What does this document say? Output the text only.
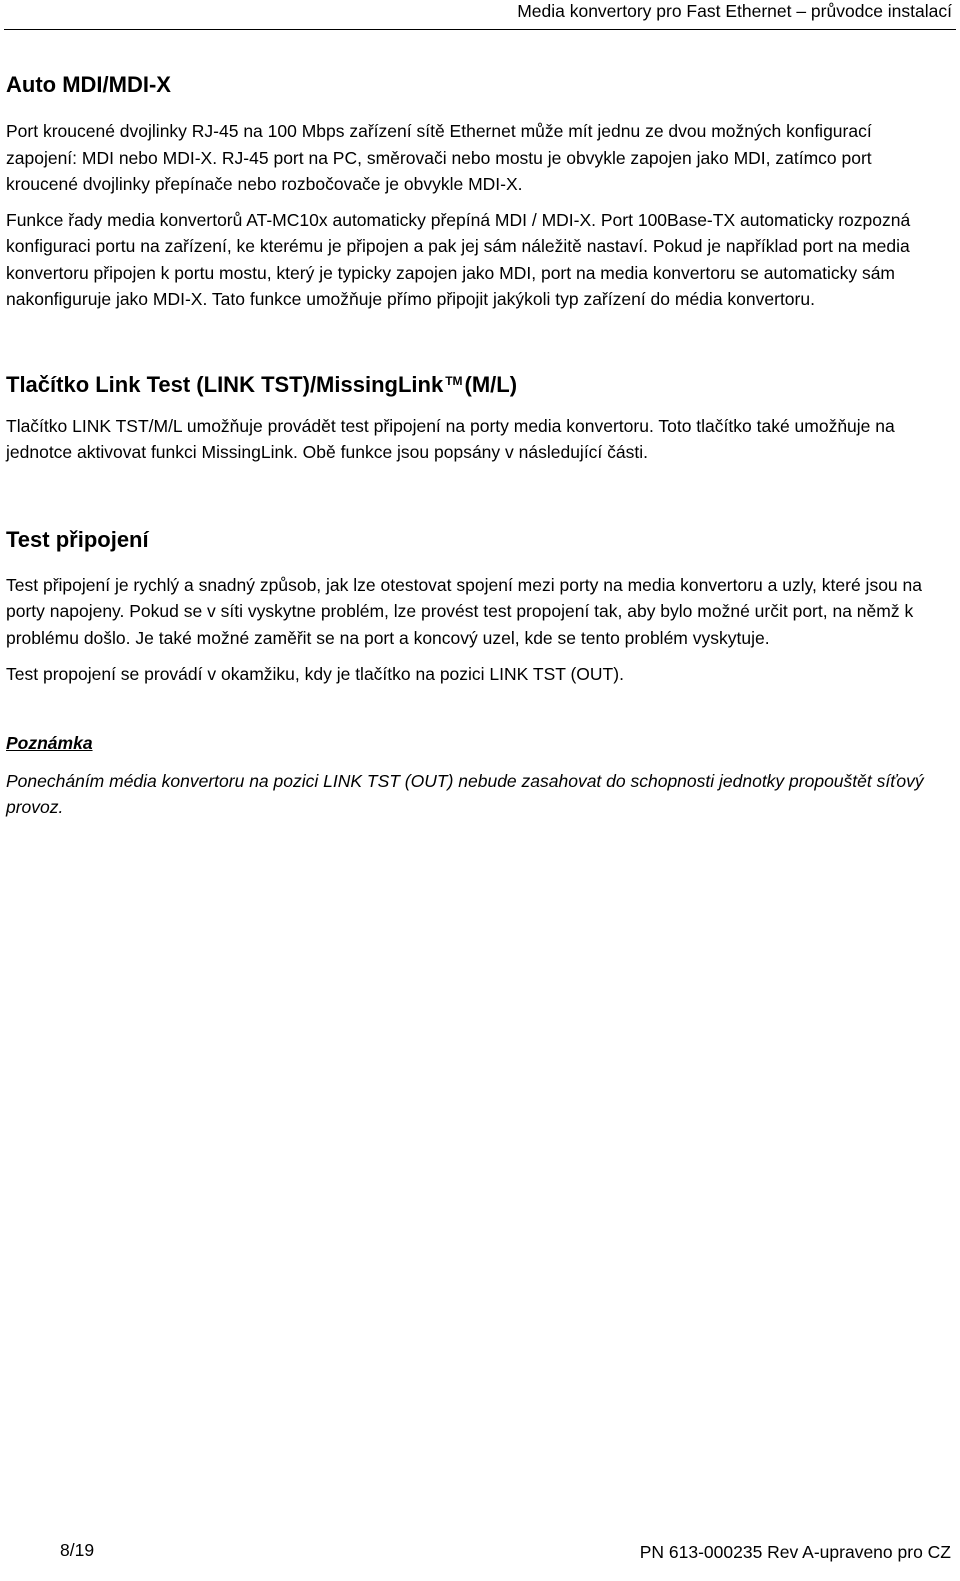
Media konvertory pro Fast Ethernet – průvodce instalací
Auto MDI/MDI-X

Port kroucené dvojlinky RJ-45 na 100 Mbps zařízení sítě Ethernet může mít jednu ze dvou možných konfigurací zapojení: MDI nebo MDI-X. RJ-45 port na PC, směrovači nebo mostu je obvykle zapojen jako MDI, zatímco port kroucené dvojlinky přepínače nebo rozbočovače je obvykle MDI-X.

Funkce řady media konvertorů AT-MC10x automaticky přepíná MDI / MDI-X. Port 100Base-TX automaticky rozpozná konfiguraci portu na zařízení, ke kterému je připojen a pak jej sám náležitě nastaví. Pokud je například port na media konvertoru připojen k portu mostu, který je typicky zapojen jako MDI, port na media konvertoru se automaticky sám nakonfiguruje jako MDI-X. Tato funkce umožňuje přímo připojit jakýkoli typ zařízení do média konvertoru.

Tlačítko Link Test (LINK TST)/MissingLink ™(M/L)

Tlačítko LINK TST/M/L umožňuje provádět test připojení na porty media konvertoru. Toto tlačítko také umožňuje na jednotce aktivovat funkci MissingLink. Obě funkce jsou popsány v následující části.

Test připojení

Test připojení je rychlý a snadný způsob, jak lze otestovat spojení mezi porty na media konvertoru a uzly, které jsou na porty napojeny. Pokud se v síti vyskytne problém, lze provést test propojení tak, aby bylo možné určit port, na němž k problému došlo. Je také možné zaměřit se na port a koncový uzel, kde se tento problém vyskytuje.

Test propojení se provádí v okamžiku, kdy je tlačítko na pozici LINK TST (OUT).

Poznámka

Ponecháním média konvertoru na pozici LINK TST (OUT) nebude zasahovat do schopnosti jednotky propouštět síťový provoz.

8/19	PN 613-000235 Rev A-upraveno pro CZ
